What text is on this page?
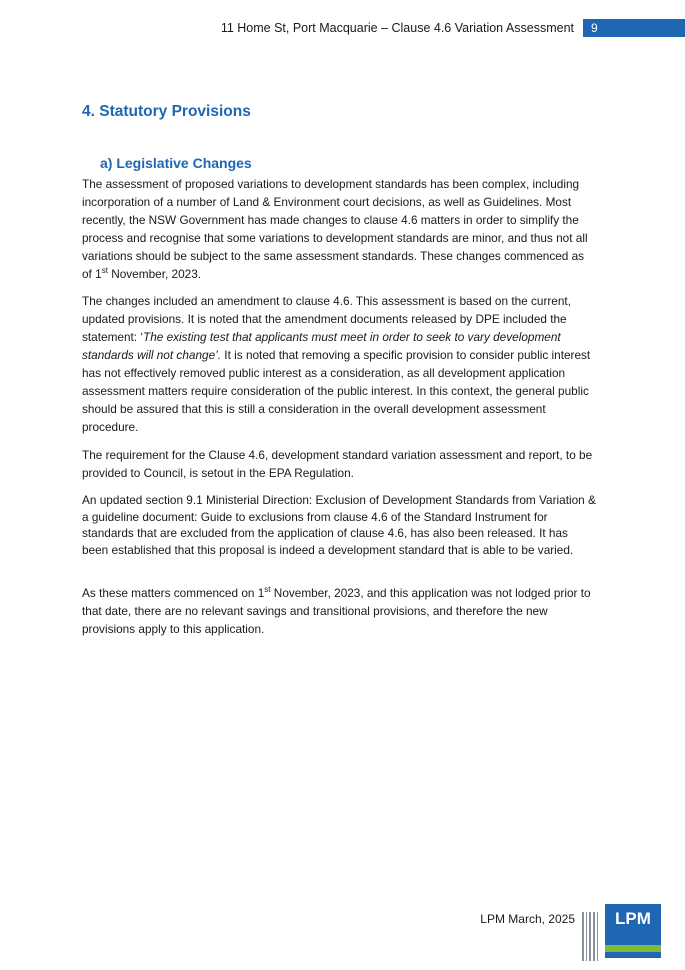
11 Home St, Port Macquarie – Clause 4.6 Variation Assessment	9
4. Statutory Provisions
a) Legislative Changes

The assessment of proposed variations to development standards has been complex, including incorporation of a number of Land & Environment court decisions, as well as Guidelines. Most recently, the NSW Government has made changes to clause 4.6 matters in order to simplify the process and recognise that some variations to development standards are minor, and thus not all variations should be subject to the same assessment standards. These changes commenced as of 1st November, 2023.

The changes included an amendment to clause 4.6. This assessment is based on the current, updated provisions. It is noted that the amendment documents released by DPE included the statement: ‘The existing test that applicants must meet in order to seek to vary development standards will not change’. It is noted that removing a specific provision to consider public interest has not effectively removed public interest as a consideration, as all development application assessment matters require consideration of the public interest. In this context, the general public should be assured that this is still a consideration in the overall development assessment procedure.

The requirement for the Clause 4.6, development standard variation assessment and report, to be provided to Council, is setout in the EPA Regulation.

An updated section 9.1 Ministerial Direction: Exclusion of Development Standards from Variation & a guideline document: Guide to exclusions from clause 4.6 of the Standard Instrument for standards that are excluded from the application of clause 4.6, has also been released. It has been established that this proposal is indeed a development standard that is able to be varied.

As these matters commenced on 1st November, 2023, and this application was not lodged prior to that date, there are no relevant savings and transitional provisions, and therefore the new provisions apply to this application.

LPM March, 2025	LPM
